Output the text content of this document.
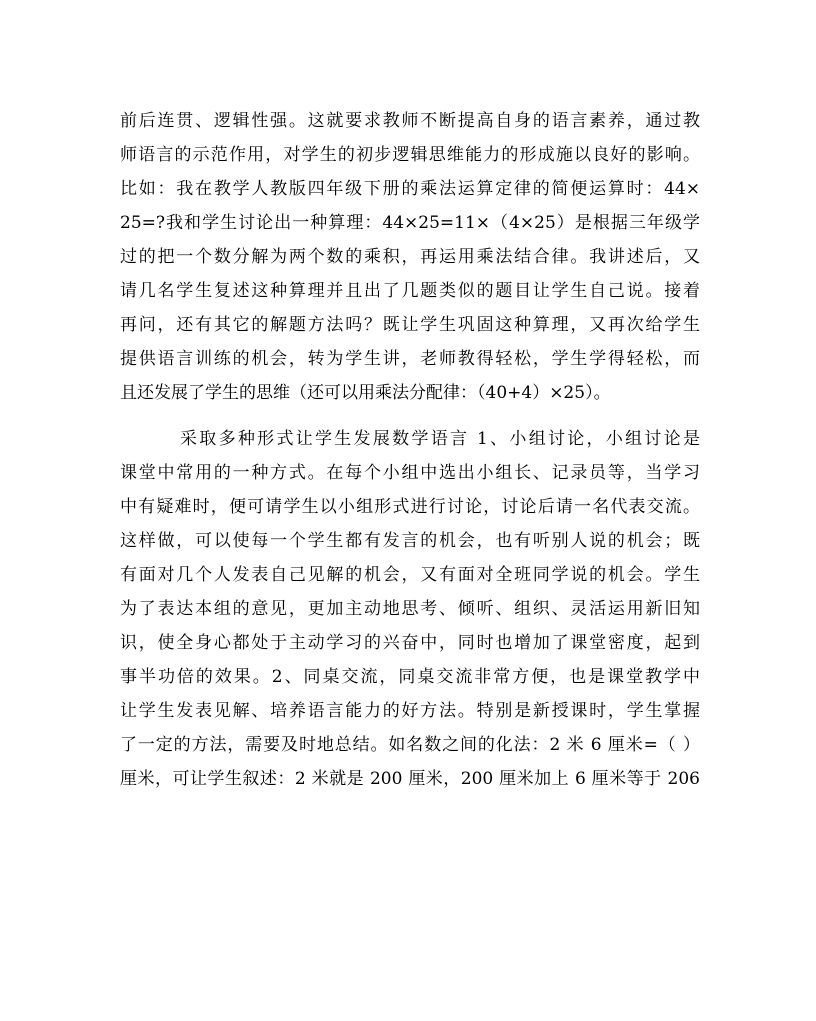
前后连贯、逻辑性强。这就要求教师不断提高自身的语言素养，通过教
师语言的示范作用，对学生的初步逻辑思维能力的形成施以良好的影响。
比如：我在教学人教版四年级下册的乘法运算定律的简便运算时：44×
25=?我和学生讨论出一种算理：44×25=11×（4×25）是根据三年级学
过的把一个数分解为两个数的乘积，再运用乘法结合律。我讲述后，又
请几名学生复述这种算理并且出了几题类似的题目让学生自己说。接着
再问，还有其它的解题方法吗？既让学生巩固这种算理，又再次给学生
提供语言训练的机会，转为学生讲，老师教得轻松，学生学得轻松，而
且还发展了学生的思维（还可以用乘法分配律：（40+4）×25）。
采取多种形式让学生发展数学语言 1、小组讨论，小组讨论是
课堂中常用的一种方式。在每个小组中选出小组长、记录员等，当学习
中有疑难时，便可请学生以小组形式进行讨论，讨论后请一名代表交流。
这样做，可以使每一个学生都有发言的机会，也有听别人说的机会；既
有面对几个人发表自己见解的机会，又有面对全班同学说的机会。学生
为了表达本组的意见，更加主动地思考、倾听、组织、灵活运用新旧知
识，使全身心都处于主动学习的兴奋中，同时也增加了课堂密度，起到
事半功倍的效果。2、同桌交流，同桌交流非常方便，也是课堂教学中
让学生发表见解、培养语言能力的好方法。特别是新授课时，学生掌握
了一定的方法，需要及时地总结。如名数之间的化法：2 米 6 厘米=（ ）
厘米，可让学生叙述：2 米就是 200 厘米，200 厘米加上 6 厘米等于 206
